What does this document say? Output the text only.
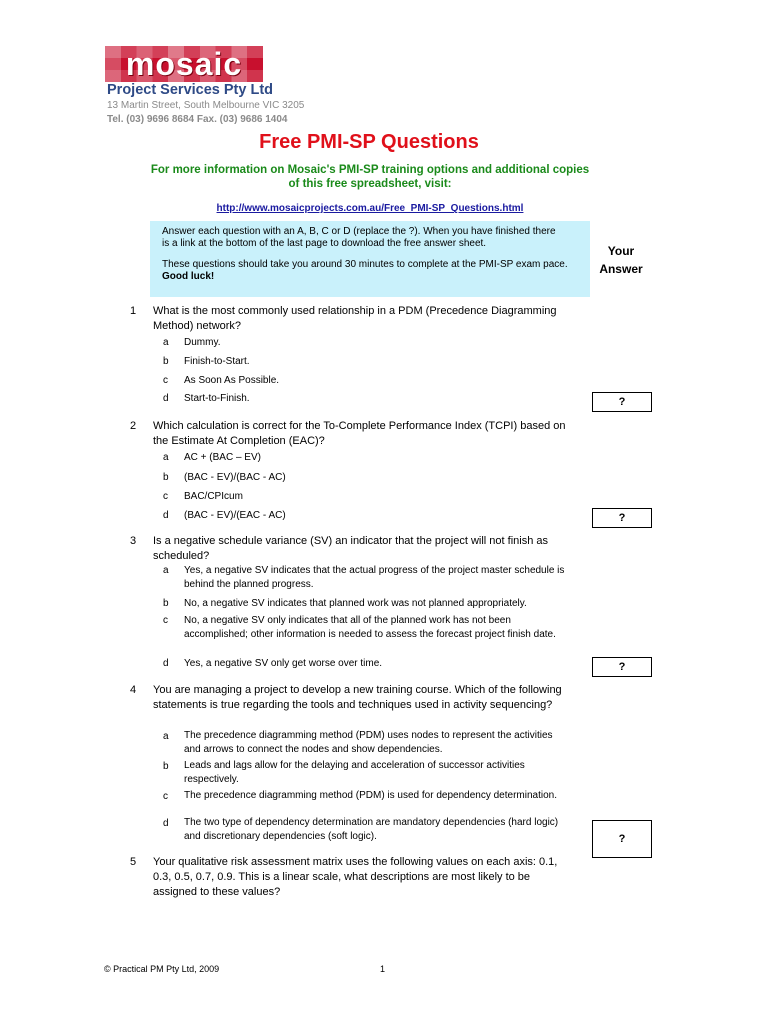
mosaic
Project Services Pty Ltd
13 Martin Street, South Melbourne VIC 3205
Tel. (03) 9696 8684 Fax. (03) 9686 1404
Free PMI-SP Questions
For more information on Mosaic's PMI-SP training options and additional copies
of this free spreadsheet, visit:
http://www.mosaicprojects.com.au/Free_PMI-SP_Questions.html
Answer each question with an A, B, C or D (replace the ?). When you have finished there
is a link at the bottom of the last page to download the free answer sheet.
These questions should take you around 30 minutes to complete at the PMI-SP exam pace.
Good luck!
Your
Answer
1 What is the most commonly used relationship in a PDM (Precedence Diagramming
Method) network?
a Dummy.
b Finish-to-Start.
c As Soon As Possible.
d Start-to-Finish.	?
2 Which calculation is correct for the To-Complete Performance Index (TCPI) based on
the Estimate At Completion (EAC)?
a AC + (BAC – EV)
b (BAC - EV)/(BAC - AC)
c BAC/CPIcum
d (BAC - EV)/(EAC - AC)	?
3 Is a negative schedule variance (SV) an indicator that the project will not finish as
scheduled?
a Yes, a negative SV indicates that the actual progress of the project master schedule is
behind the planned progress.
b No, a negative SV indicates that planned work was not planned appropriately.
c No, a negative SV only indicates that all of the planned work has not been
accomplished; other information is needed to assess the forecast project finish date.
d Yes, a negative SV only get worse over time.	?
4 You are managing a project to develop a new training course. Which of the following
statements is true regarding the tools and techniques used in activity sequencing?
a The precedence diagramming method (PDM) uses nodes to represent the activities
and arrows to connect the nodes and show dependencies.
b Leads and lags allow for the delaying and acceleration of successor activities
respectively.
c The precedence diagramming method (PDM) is used for dependency determination.
d The two type of dependency determination are mandatory dependencies (hard logic)
and discretionary dependencies (soft logic).	?
5 Your qualitative risk assessment matrix uses the following values on each axis: 0.1,
0.3, 0.5, 0.7, 0.9. This is a linear scale, what descriptions are most likely to be
assigned to these values?
© Practical PM Pty Ltd, 2009	1
